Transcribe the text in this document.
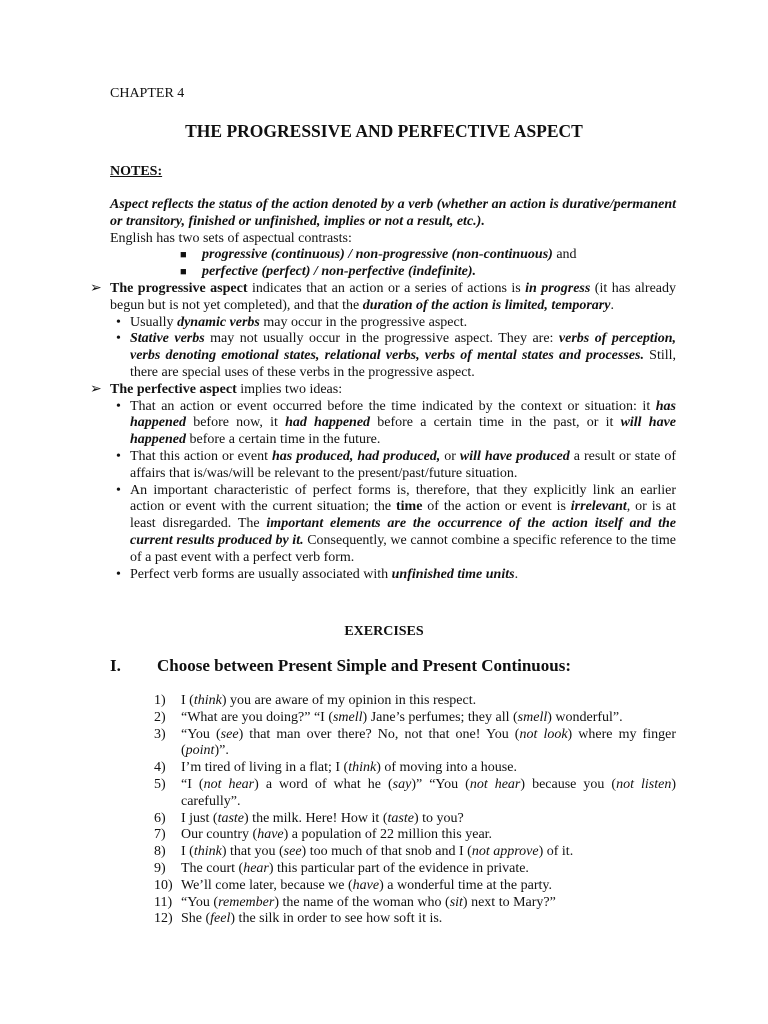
CHAPTER 4
THE PROGRESSIVE AND PERFECTIVE ASPECT
NOTES:
Aspect reflects the status of the action denoted by a verb (whether an action is durative/permanent or transitory, finished or unfinished, implies or not a result, etc.).
English has two sets of aspectual contrasts:
■ progressive (continuous) / non-progressive (non-continuous) and
■ perfective (perfect) / non-perfective (indefinite).
➢ The progressive aspect indicates that an action or a series of actions is in progress (it has already begun but is not yet completed), and that the duration of the action is limited, temporary.
• Usually dynamic verbs may occur in the progressive aspect.
• Stative verbs may not usually occur in the progressive aspect. They are: verbs of perception, verbs denoting emotional states, relational verbs, verbs of mental states and processes. Still, there are special uses of these verbs in the progressive aspect.
➢ The perfective aspect implies two ideas:
• That an action or event occurred before the time indicated by the context or situation: it has happened before now, it had happened before a certain time in the past, or it will have happened before a certain time in the future.
• That this action or event has produced, had produced, or will have produced a result or state of affairs that is/was/will be relevant to the present/past/future situation.
• An important characteristic of perfect forms is, therefore, that they explicitly link an earlier action or event with the current situation; the time of the action or event is irrelevant, or is at least disregarded. The important elements are the occurrence of the action itself and the current results produced by it. Consequently, we cannot combine a specific reference to the time of a past event with a perfect verb form.
• Perfect verb forms are usually associated with unfinished time units.
EXERCISES
I. Choose between Present Simple and Present Continuous:
1) I (think) you are aware of my opinion in this respect.
2) “What are you doing?” “I (smell) Jane’s perfumes; they all (smell) wonderful”.
3) “You (see) that man over there? No, not that one! You (not look) where my finger (point)”.
4) I’m tired of living in a flat; I (think) of moving into a house.
5) “I (not hear) a word of what he (say)” “You (not hear) because you (not listen) carefully”.
6) I just (taste) the milk. Here! How it (taste) to you?
7) Our country (have) a population of 22 million this year.
8) I (think) that you (see) too much of that snob and I (not approve) of it.
9) The court (hear) this particular part of the evidence in private.
10) We’ll come later, because we (have) a wonderful time at the party.
11) “You (remember) the name of the woman who (sit) next to Mary?”
12) She (feel) the silk in order to see how soft it is.
